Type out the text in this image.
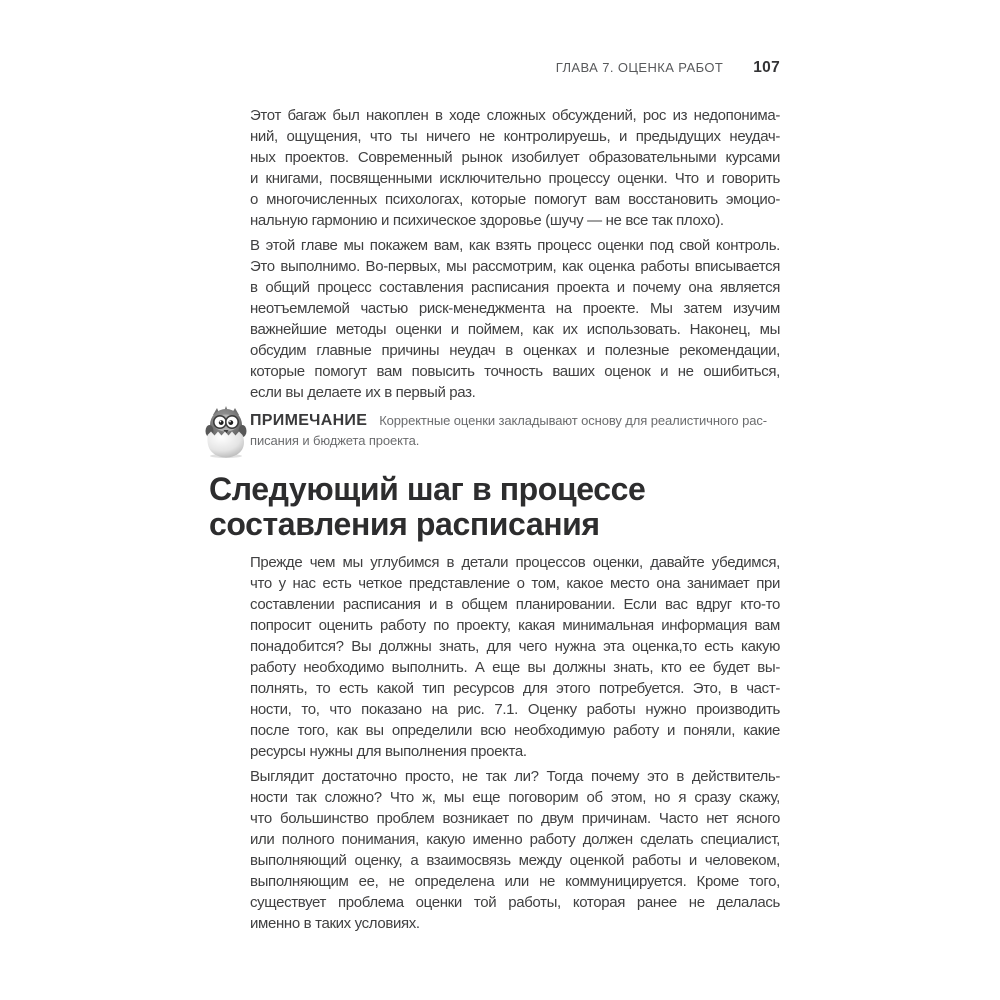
ГЛАВА 7. ОЦЕНКА РАБОТ 107
Этот багаж был накоплен в ходе сложных обсуждений, рос из недопонима-
ний, ощущения, что ты ничего не контролируешь, и предыдущих неудач-
ных проектов. Современный рынок изобилует образовательными курсами
и книгами, посвященными исключительно процессу оценки. Что и говорить
о многочисленных психологах, которые помогут вам восстановить эмоцио-
нальную гармонию и психическое здоровье (шучу — не все так плохо).
В этой главе мы покажем вам, как взять процесс оценки под свой контроль.
Это выполнимо. Во-первых, мы рассмотрим, как оценка работы вписывается
в общий процесс составления расписания проекта и почему она является
неотъемлемой частью риск-менеджмента на проекте. Мы затем изучим
важнейшие методы оценки и поймем, как их использовать. Наконец, мы
обсудим главные причины неудач в оценках и полезные рекомендации,
которые помогут вам повысить точность ваших оценок и не ошибиться,
если вы делаете их в первый раз.
ПРИМЕЧАНИЕ Корректные оценки закладывают основу для реалистичного рас-
писания и бюджета проекта.
Следующий шаг в процессе
составления расписания
Прежде чем мы углубимся в детали процессов оценки, давайте убедимся,
что у нас есть четкое представление о том, какое место она занимает при
составлении расписания и в общем планировании. Если вас вдруг кто-то
попросит оценить работу по проекту, какая минимальная информация вам
понадобится? Вы должны знать, для чего нужна эта оценка,то есть какую
работу необходимо выполнить. А еще вы должны знать, кто ее будет вы-
полнять, то есть какой тип ресурсов для этого потребуется. Это, в част-
ности, то, что показано на рис. 7.1. Оценку работы нужно производить
после того, как вы определили всю необходимую работу и поняли, какие
ресурсы нужны для выполнения проекта.
Выглядит достаточно просто, не так ли? Тогда почему это в действитель-
ности так сложно? Что ж, мы еще поговорим об этом, но я сразу скажу,
что большинство проблем возникает по двум причинам. Часто нет ясного
или полного понимания, какую именно работу должен сделать специалист,
выполняющий оценку, а взаимосвязь между оценкой работы и человеком,
выполняющим ее, не определена или не коммуницируется. Кроме того,
существует проблема оценки той работы, которая ранее не делалась
именно в таких условиях.
